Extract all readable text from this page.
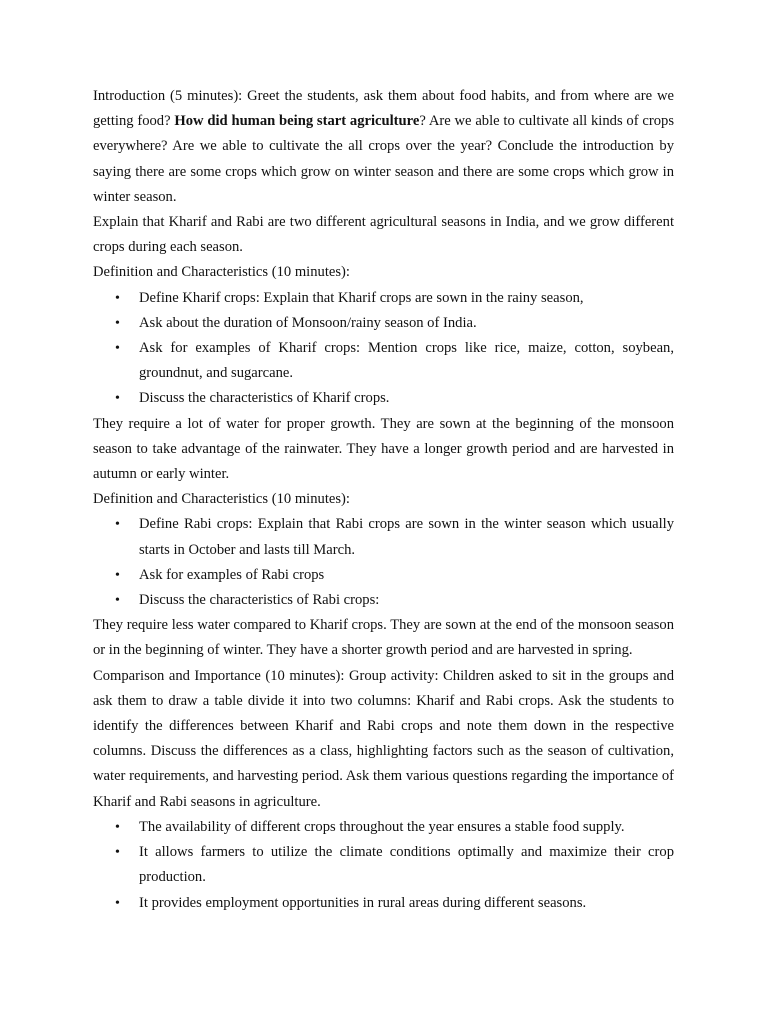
Introduction (5 minutes): Greet the students, ask them about food habits, and from where are we getting food? How did human being start agriculture? Are we able to cultivate all kinds of crops everywhere? Are we able to cultivate the all crops over the year? Conclude the introduction by saying there are some crops which grow on winter season and there are some crops which grow in winter season.

Explain that Kharif and Rabi are two different agricultural seasons in India, and we grow different crops during each season.

Definition and Characteristics (10 minutes):

• Define Kharif crops: Explain that Kharif crops are sown in the rainy season,
• Ask about the duration of Monsoon/rainy season of India.
• Ask for examples of Kharif crops: Mention crops like rice, maize, cotton, soybean, groundnut, and sugarcane.
• Discuss the characteristics of Kharif crops.

They require a lot of water for proper growth. They are sown at the beginning of the monsoon season to take advantage of the rainwater. They have a longer growth period and are harvested in autumn or early winter.

Definition and Characteristics (10 minutes):

• Define Rabi crops: Explain that Rabi crops are sown in the winter season which usually starts in October and lasts till March.
• Ask for examples of Rabi crops
• Discuss the characteristics of Rabi crops:

They require less water compared to Kharif crops. They are sown at the end of the monsoon season or in the beginning of winter. They have a shorter growth period and are harvested in spring.

Comparison and Importance (10 minutes): Group activity: Children asked to sit in the groups and ask them to draw a table divide it into two columns: Kharif and Rabi crops. Ask the students to identify the differences between Kharif and Rabi crops and note them down in the respective columns. Discuss the differences as a class, highlighting factors such as the season of cultivation, water requirements, and harvesting period. Ask them various questions regarding the importance of Kharif and Rabi seasons in agriculture.

• The availability of different crops throughout the year ensures a stable food supply.
• It allows farmers to utilize the climate conditions optimally and maximize their crop production.
• It provides employment opportunities in rural areas during different seasons.
